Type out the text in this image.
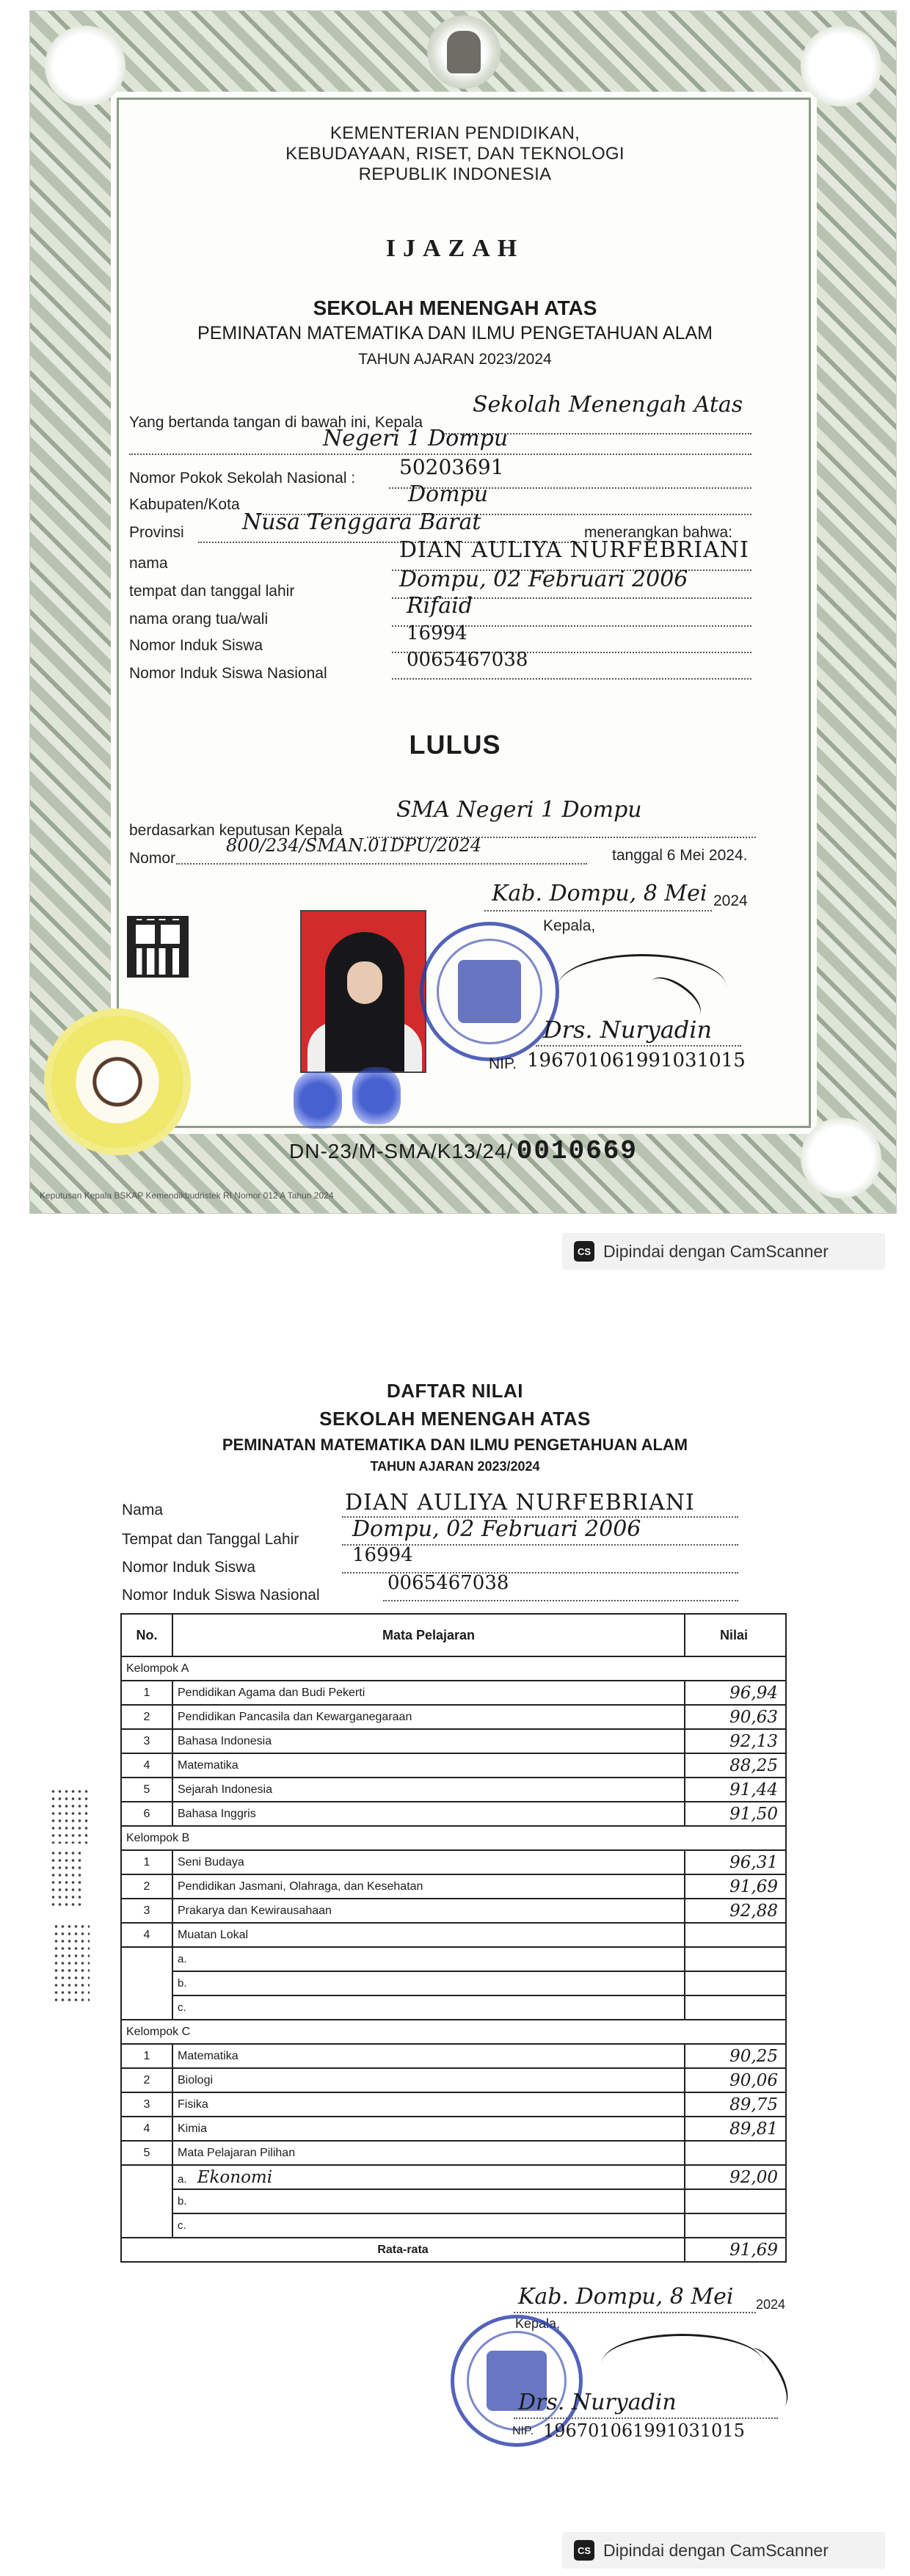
KEMENTERIAN PENDIDIKAN,
KEBUDAYAAN, RISET, DAN TEKNOLOGI
REPUBLIK INDONESIA
IJAZAH
SEKOLAH MENENGAH ATAS
PEMINATAN MATEMATIKA DAN ILMU PENGETAHUAN ALAM
TAHUN AJARAN 2023/2024
Yang bertanda tangan di bawah ini, Kepala
Sekolah Menengah Atas
Negeri 1 Dompu
Nomor Pokok Sekolah Nasional : 50203691
Kabupaten/Kota	Dompu
Provinsi	Nusa Tenggara Barat	menerangkan bahwa:
nama
DIAN AULIYA NURFEBRIANI
tempat dan tanggal lahir	Dompu, 02 Februari 2006
nama orang tua/wali
Rifaid
Nomor Induk Siswa
16994
Nomor Induk Siswa Nasional
0065467038
LULUS
berdasarkan keputusan Kepala
SMA Negeri 1 Dompu
Nomor
800/234/SMAN.01DPU/2024	tanggal 6 Mei 2024.
Kab. Dompu, 8 Mei 2024
Kepala,
Drs. Nuryadin
NIP. 196701061991031015
DN-23/M-SMA/K13/24/ 0010669
Keputusan Kepala BSKAP Kemendikbudristek RI Nomor 012 A Tahun 2024
CS Dipindai dengan CamScanner
DAFTAR NILAI
SEKOLAH MENENGAH ATAS
PEMINATAN MATEMATIKA DAN ILMU PENGETAHUAN ALAM
TAHUN AJARAN 2023/2024
Nama	DIAN AULIYA NURFEBRIANI
Tempat dan Tanggal Lahir Dompu, 02 Februari 2006
Nomor Induk Siswa
16994
Nomor Induk Siswa Nasional
0065467038
No.	Mata Pelajaran	Nilai
Kelompok A		
1	Pendidikan Agama dan Budi Pekerti	96,94
2	Pendidikan Pancasila dan Kewarganegaraan	90,63
3	Bahasa Indonesia	92,13
4	Matematika	88,25
5	Sejarah Indonesia	91,44
6	Bahasa Inggris	91,50
Kelompok B		
1	Seni Budaya	96,31
2	Pendidikan Jasmani, Olahraga, dan Kesehatan	91,69
3	Prakarya dan Kewirausahaan	92,88
4	Muatan Lokal	
	a.	
	b.	
	c.	
Kelompok C		
1	Matematika	90,25
2	Biologi	90,06
3	Fisika	89,75
4	Kimia	89,81
5	Mata Pelajaran Pilihan	
	a. Ekonomi	92,00
	b.	
	c.	
Rata-rata		91,69
Kab. Dompu, 8 Mei 2024
Kepala,
Drs. Nuryadin
NIP. 196701061991031015
CS Dipindai dengan CamScanner
